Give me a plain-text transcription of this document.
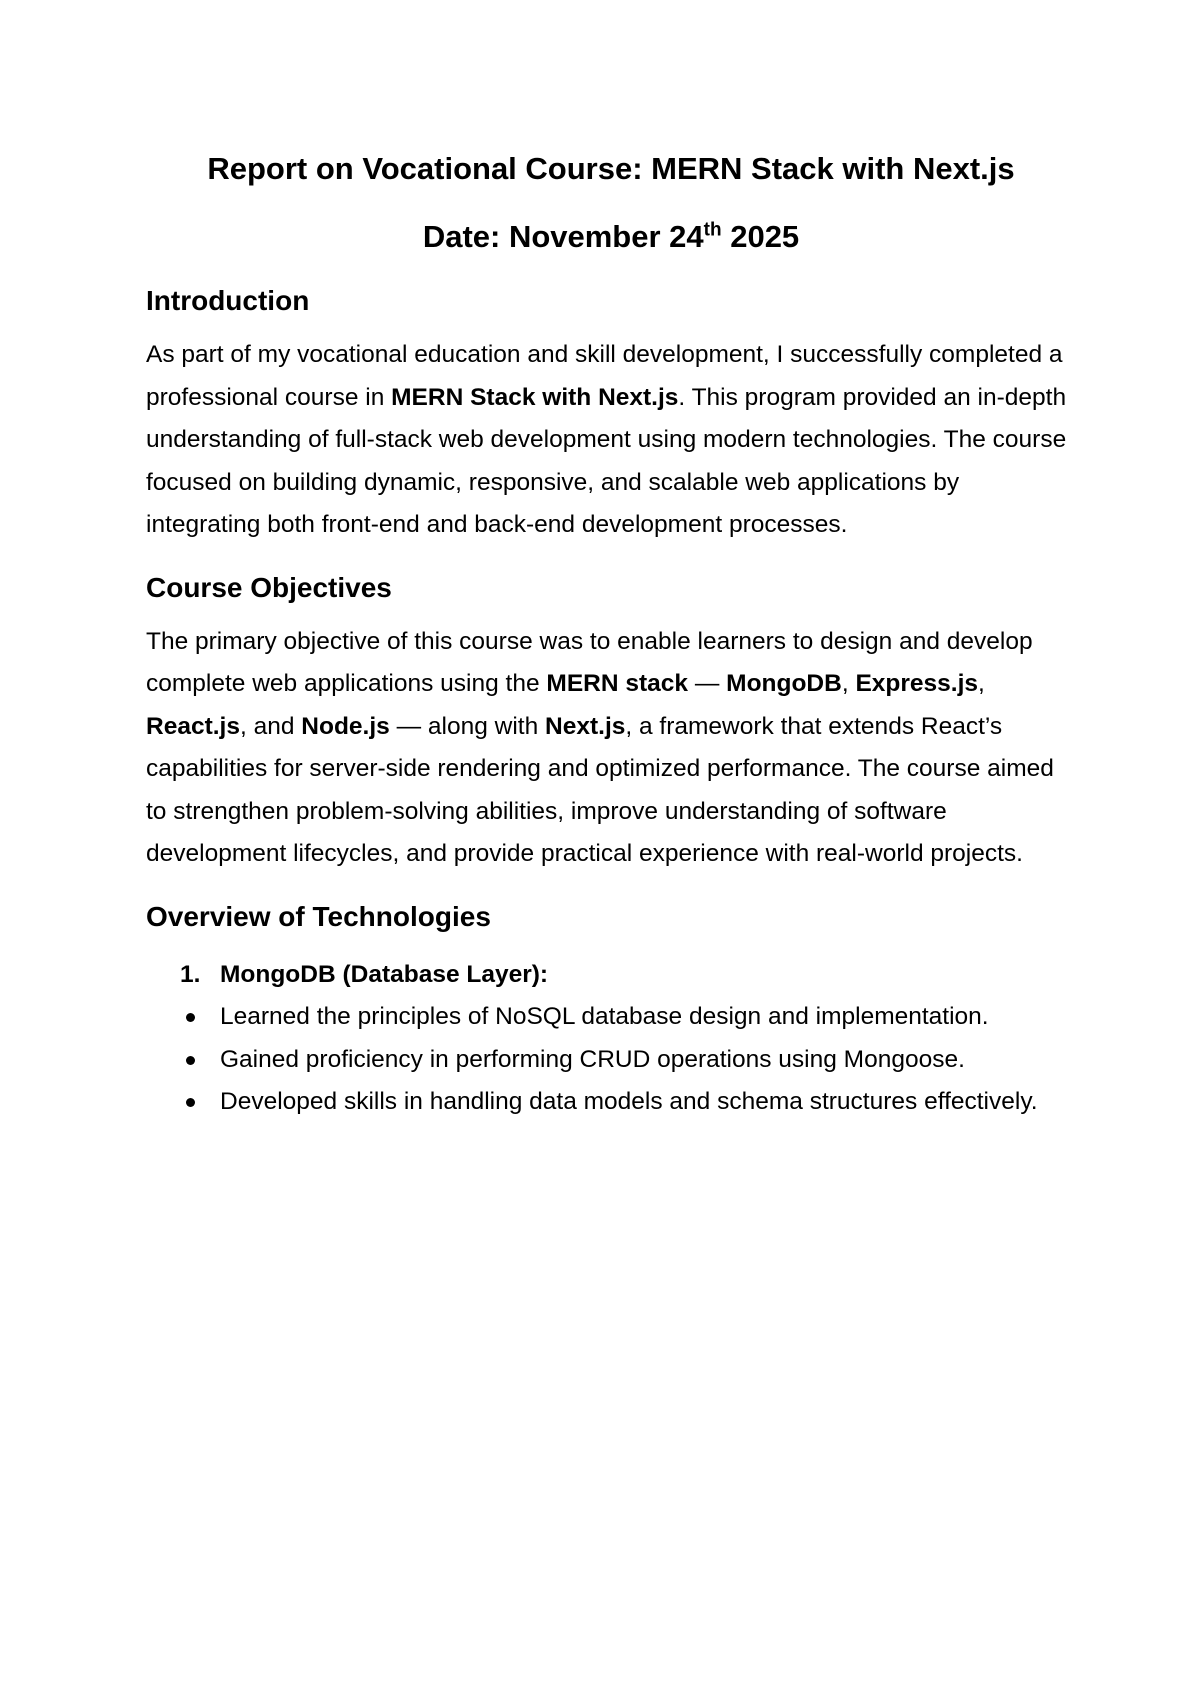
Report on Vocational Course: MERN Stack with Next.js
Date: November 24th 2025
Introduction

As part of my vocational education and skill development, I successfully completed a professional course in MERN Stack with Next.js. This program provided an in-depth understanding of full-stack web development using modern technologies. The course focused on building dynamic, responsive, and scalable web applications by integrating both front-end and back-end development processes.

Course Objectives

The primary objective of this course was to enable learners to design and develop complete web applications using the MERN stack — MongoDB, Express.js, React.js, and Node.js — along with Next.js, a framework that extends React’s capabilities for server-side rendering and optimized performance. The course aimed to strengthen problem-solving abilities, improve understanding of software development lifecycles, and provide practical experience with real-world projects.

Overview of Technologies
1. MongoDB (Database Layer):
Learned the principles of NoSQL database design and implementation.
Gained proficiency in performing CRUD operations using Mongoose.
Developed skills in handling data models and schema structures effectively.
